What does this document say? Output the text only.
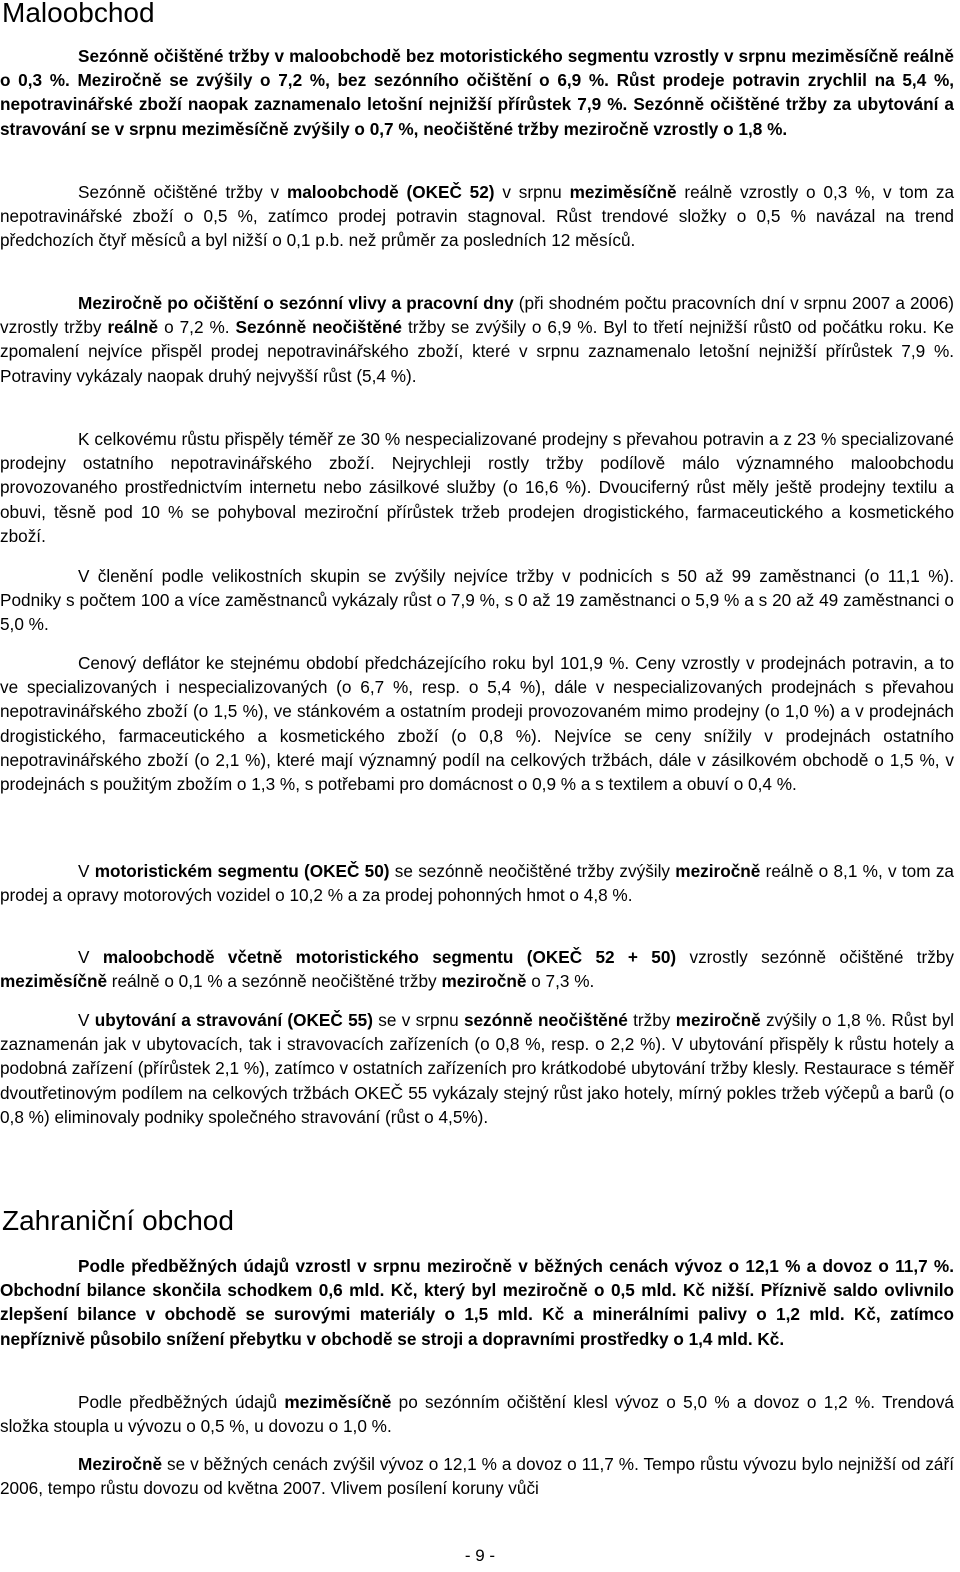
Maloobchod

Sezónně očištěné tržby v maloobchodě bez motoristického segmentu vzrostly v srpnu meziměsíčně reálně o 0,3 %. Meziročně se zvýšily o 7,2 %, bez sezónního očištění o 6,9 %. Růst prodeje potravin zrychlil na 5,4 %, nepotravinářské zboží naopak zaznamenalo letošní nejnižší přírůstek 7,9 %. Sezónně očištěné tržby za ubytování a stravování se v srpnu meziměsíčně zvýšily o 0,7 %, neočištěné tržby meziročně vzrostly o 1,8 %.

Sezónně očištěné tržby v maloobchodě (OKEČ 52) v srpnu meziměsíčně reálně vzrostly o 0,3 %, v tom za nepotravinářské zboží o 0,5 %, zatímco prodej potravin stagnoval. Růst trendové složky o 0,5 % navázal na trend předchozích čtyř měsíců a byl nižší o 0,1 p.b. než průměr za posledních 12 měsíců.

Meziročně po očištění o sezónní vlivy a pracovní dny (při shodném počtu pracovních dní v srpnu 2007 a 2006) vzrostly tržby reálně o 7,2 %. Sezónně neočištěné tržby se zvýšily o 6,9 %. Byl to třetí nejnižší růst0 od počátku roku. Ke zpomalení nejvíce přispěl prodej nepotravinářského zboží, které v srpnu zaznamenalo letošní nejnižší přírůstek 7,9 %. Potraviny vykázaly naopak druhý nejvyšší růst (5,4 %).

K celkovému růstu přispěly téměř ze 30 % nespecializované prodejny s převahou potravin a z 23 % specializované prodejny ostatního nepotravinářského zboží. Nejrychleji rostly tržby podílově málo významného maloobchodu provozovaného prostřednictvím internetu nebo zásilkové služby (o 16,6 %). Dvouciferný růst měly ještě prodejny textilu a obuvi, těsně pod 10 % se pohyboval meziroční přírůstek tržeb prodejen drogistického, farmaceutického a kosmetického zboží.

V členění podle velikostních skupin se zvýšily nejvíce tržby v podnicích s 50 až 99 zaměstnanci (o 11,1 %). Podniky s počtem 100 a více zaměstnanců vykázaly růst o 7,9 %, s 0 až 19 zaměstnanci o 5,9 % a s 20 až 49 zaměstnanci o 5,0 %.

Cenový deflátor ke stejnému období předcházejícího roku byl 101,9 %. Ceny vzrostly v prodejnách potravin, a to ve specializovaných i nespecializovaných (o 6,7 %, resp. o 5,4 %), dále v nespecializovaných prodejnách s převahou nepotravinářského zboží (o 1,5 %), ve stánkovém a ostatním prodeji provozovaném mimo prodejny (o 1,0 %) a v prodejnách drogistického, farmaceutického a kosmetického zboží (o 0,8 %). Nejvíce se ceny snížily v prodejnách ostatního nepotravinářského zboží (o 2,1 %), které mají významný podíl na celkových tržbách, dále v zásilkovém obchodě o 1,5 %, v prodejnách s použitým zbožím o 1,3 %, s potřebami pro domácnost o 0,9 % a s textilem a obuví o 0,4 %.

V motoristickém segmentu (OKEČ 50) se sezónně neočištěné tržby zvýšily meziročně reálně o 8,1 %, v tom za prodej a opravy motorových vozidel o 10,2 % a za prodej pohonných hmot o 4,8 %.

V maloobchodě včetně motoristického segmentu (OKEČ 52 + 50) vzrostly sezónně očištěné tržby meziměsíčně reálně o 0,1 % a sezónně neočištěné tržby meziročně o 7,3 %.

V ubytování a stravování (OKEČ 55) se v srpnu sezónně neočištěné tržby meziročně zvýšily o 1,8 %. Růst byl zaznamenán jak v ubytovacích, tak i stravovacích zařízeních (o 0,8 %, resp. o 2,2 %). V ubytování přispěly k růstu hotely a podobná zařízení (přírůstek 2,1 %), zatímco v ostatních zařízeních pro krátkodobé ubytování tržby klesly. Restaurace s téměř dvoutřetinovým podílem na celkových tržbách OKEČ 55 vykázaly stejný růst jako hotely, mírný pokles tržeb výčepů a barů (o 0,8 %) eliminovaly podniky společného stravování (růst o 4,5%).

Zahraniční obchod

Podle předběžných údajů vzrostl v srpnu meziročně v běžných cenách vývoz o 12,1 % a dovoz o 11,7 %. Obchodní bilance skončila schodkem 0,6 mld. Kč, který byl meziročně o 0,5 mld. Kč nižší. Příznivě saldo ovlivnilo zlepšení bilance v obchodě se surovými materiály o 1,5 mld. Kč a minerálními palivy o 1,2 mld. Kč, zatímco nepříznivě působilo snížení přebytku v obchodě se stroji a dopravními prostředky o 1,4 mld. Kč.

Podle předběžných údajů meziměsíčně po sezónním očištění klesl vývoz o 5,0 % a dovoz o 1,2 %. Trendová složka stoupla u vývozu o 0,5 %, u dovozu o 1,0 %.

Meziročně se v běžných cenách zvýšil vývoz o 12,1 % a dovoz o 11,7 %. Tempo růstu vývozu bylo nejnižší od září 2006, tempo růstu dovozu od května 2007. Vlivem posílení koruny vůči

- 9 -
